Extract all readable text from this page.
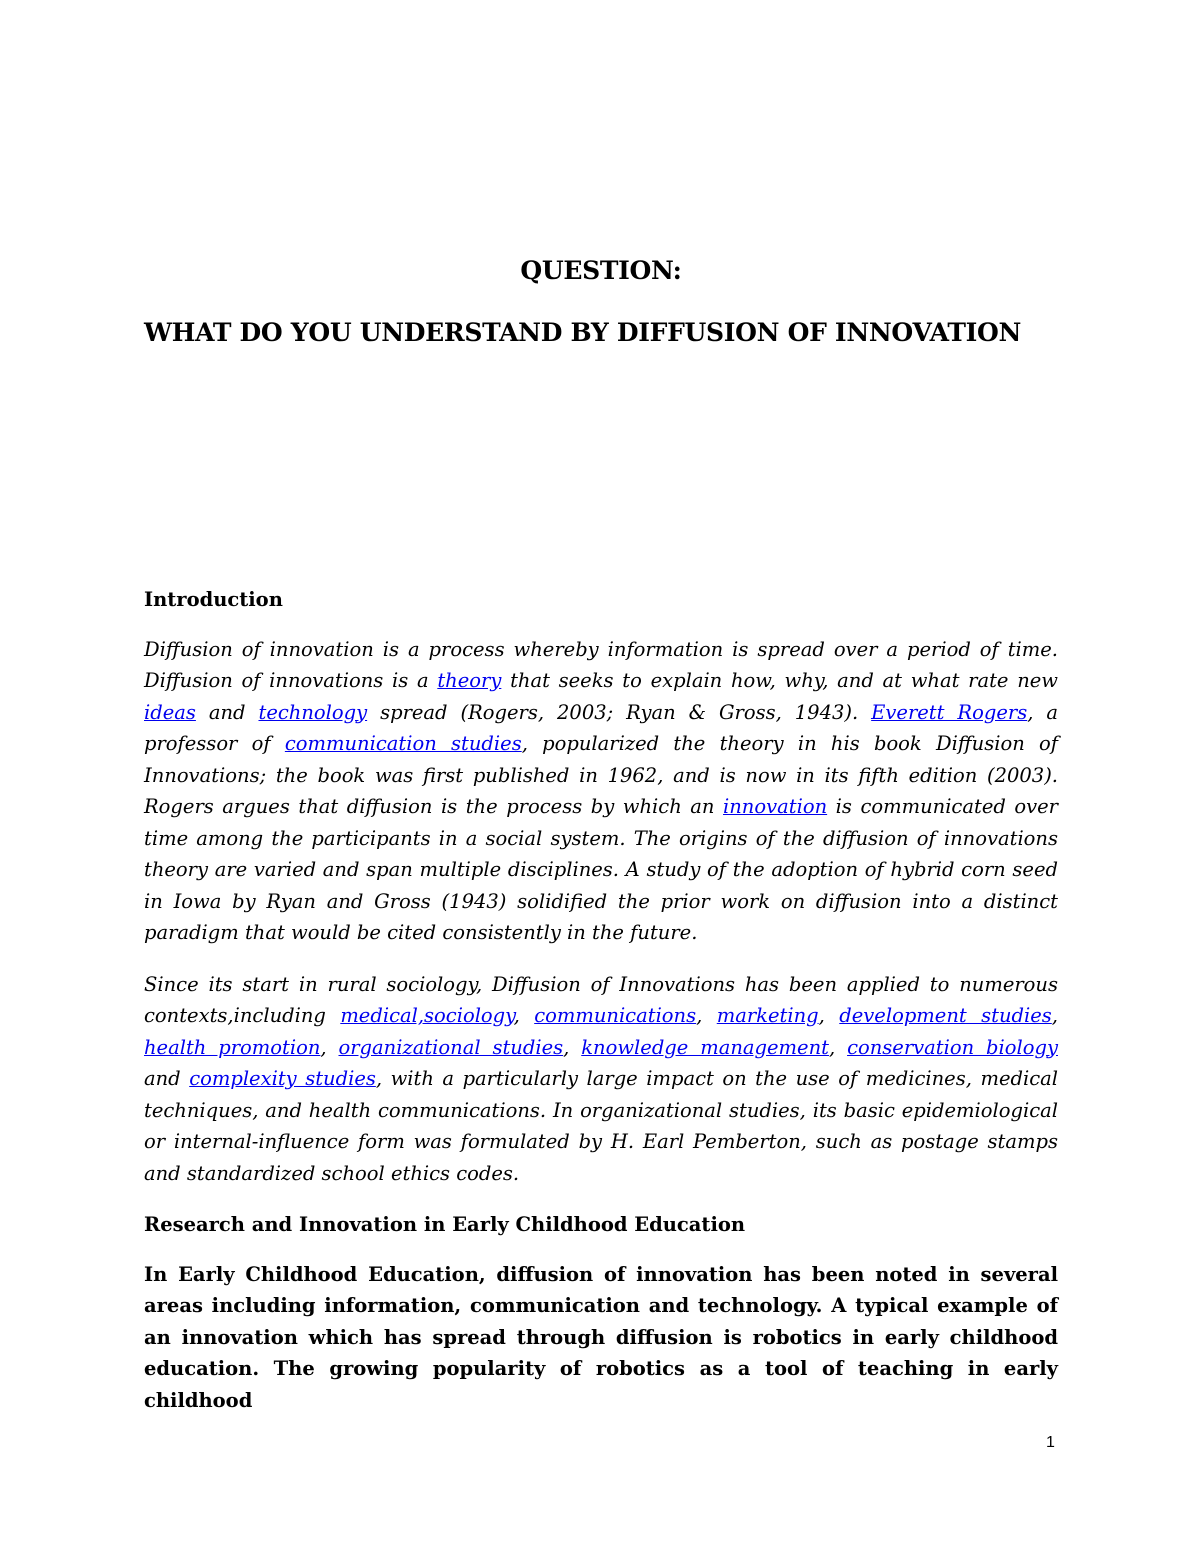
QUESTION:
WHAT DO YOU UNDERSTAND BY DIFFUSION OF INNOVATION
Introduction

Diffusion of innovation is a process whereby information is spread over a period of time. Diffusion of innovations is a theory that seeks to explain how, why, and at what rate new ideas and technology spread (Rogers, 2003; Ryan & Gross, 1943). Everett Rogers, a professor of communication studies, popularized the theory in his book Diffusion of Innovations; the book was first published in 1962, and is now in its fifth edition (2003). Rogers argues that diffusion is the process by which an innovation is communicated over time among the participants in a social system. The origins of the diffusion of innovations theory are varied and span multiple disciplines. A study of the adoption of hybrid corn seed in Iowa by Ryan and Gross (1943) solidified the prior work on diffusion into a distinct paradigm that would be cited consistently in the future.

Since its start in rural sociology, Diffusion of Innovations has been applied to numerous contexts,including medical,sociology, communications, marketing, development studies, health promotion, organizational studies, knowledge management, conservation biology and complexity studies, with a particularly large impact on the use of medicines, medical techniques, and health communications. In organizational studies, its basic epidemiological or internal-influence form was formulated by H. Earl Pemberton, such as postage stamps and standardized school ethics codes.

Research and Innovation in Early Childhood Education

In Early Childhood Education, diffusion of innovation has been noted in several areas including information, communication and technology. A typical example of an innovation which has spread through diffusion is robotics in early childhood education. The growing popularity of robotics as a tool of teaching in early childhood

1
